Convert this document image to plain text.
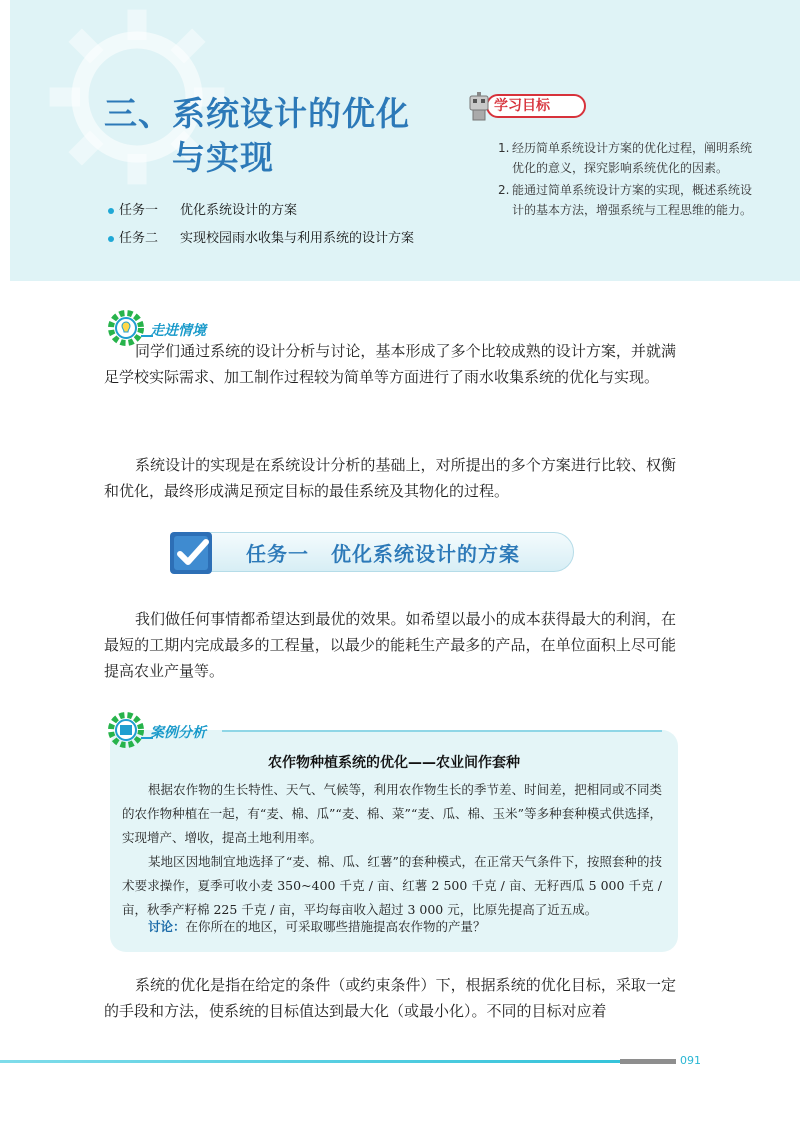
三、系统设计的优化
与实现
任务一 优化系统设计的方案
任务二 实现校园雨水收集与利用系统的设计方案
学习目标
1. 经历简单系统设计方案的优化过程，阐明系统优化的意义，探究影响系统优化的因素。
2. 能通过简单系统设计方案的实现，概述系统设计的基本方法，增强系统与工程思维的能力。
走进情境

同学们通过系统的设计分析与讨论，基本形成了多个比较成熟的设计方案，并就满足学校实际需求、加工制作过程较为简单等方面进行了雨水收集系统的优化与实现。

系统设计的实现是在系统设计分析的基础上，对所提出的多个方案进行比较、权衡和优化，最终形成满足预定目标的最佳系统及其物化的过程。

任务一 优化系统设计的方案

我们做任何事情都希望达到最优的效果。如希望以最小的成本获得最大的利润，在最短的工期内完成最多的工程量，以最少的能耗生产最多的产品，在单位面积上尽可能提高农业产量等。

案例分析
农作物种植系统的优化——农业间作套种

根据农作物的生长特性、天气、气候等，利用农作物生长的季节差、时间差，把相同或不同类的农作物种植在一起，有“麦、棉、瓜”“麦、棉、菜”“麦、瓜、棉、玉米”等多种套种模式供选择，实现增产、增收，提高土地利用率。

某地区因地制宜地选择了“麦、棉、瓜、红薯”的套种模式，在正常天气条件下，按照套种的技术要求操作，夏季可收小麦 350~400 千克 / 亩、红薯 2 500 千克 / 亩、无籽西瓜 5 000 千克 / 亩，秋季产籽棉 225 千克 / 亩，平均每亩收入超过 3 000 元，比原先提高了近五成。

讨论：在你所在的地区，可采取哪些措施提高农作物的产量？

系统的优化是指在给定的条件（或约束条件）下，根据系统的优化目标，采取一定的手段和方法，使系统的目标值达到最大化（或最小化）。不同的目标对应着

091
